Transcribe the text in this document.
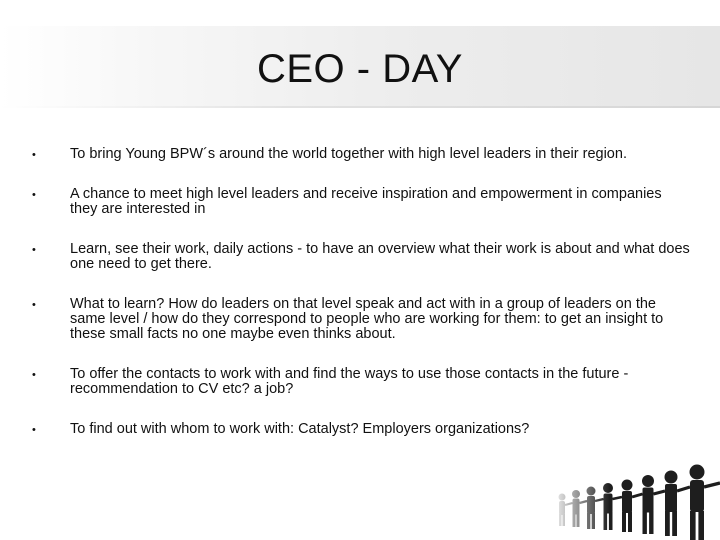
CEO - DAY
• To bring Young BPW´s around the world together with high level leaders in their region.
• A chance to meet high level leaders and receive inspiration and empowerment in companies they are interested in
• Learn, see their work, daily actions - to have an overview what their work is about and what does one need to get there.
• What to learn? How do leaders on that level speak and act with in a group of leaders on the same level / how do they correspond to people who are working for them: to get an insight to these small facts no one maybe even thinks about.
• To offer the contacts to work with and find the ways to use those contacts in the future - recommendation to CV etc? a job?
• To find out with whom to work with: Catalyst? Employers organizations?
